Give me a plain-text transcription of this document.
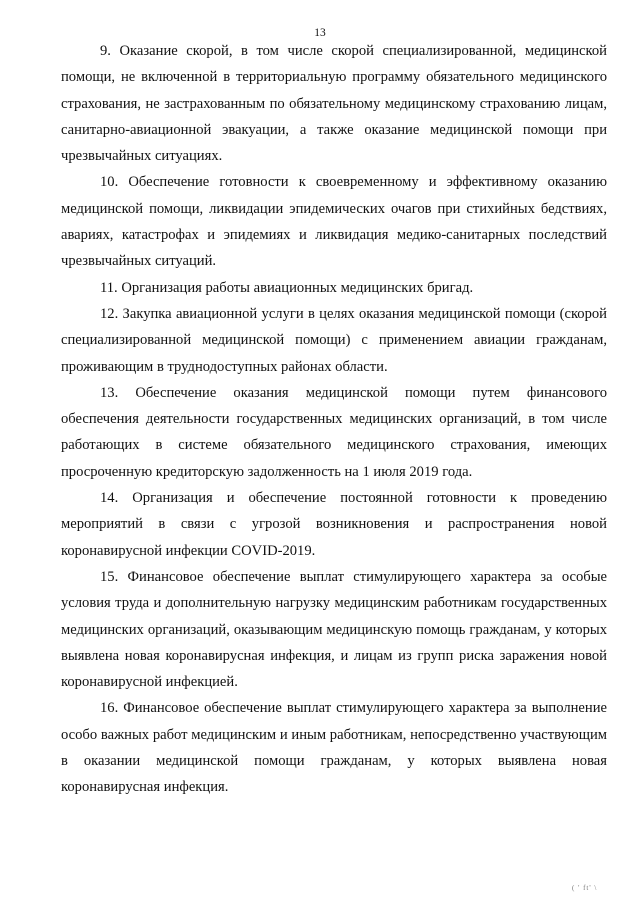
13

9. Оказание скорой, в том числе скорой специализированной, медицинской помощи, не включенной в территориальную программу обязательного медицинского страхования, не застрахованным по обязательному медицинскому страхованию лицам, санитарно-авиационной эвакуации, а также оказание медицинской помощи при чрезвычайных ситуациях.

10. Обеспечение готовности к своевременному и эффективному оказанию медицинской помощи, ликвидации эпидемических очагов при стихийных бедствиях, авариях, катастрофах и эпидемиях и ликвидация медико-санитарных последствий чрезвычайных ситуаций.

11. Организация работы авиационных медицинских бригад.

12. Закупка авиационной услуги в целях оказания медицинской помощи (скорой специализированной медицинской помощи) с применением авиации гражданам, проживающим в труднодоступных районах области.

13. Обеспечение оказания медицинской помощи путем финансового обеспечения деятельности государственных медицинских организаций, в том числе работающих в системе обязательного медицинского страхования, имеющих просроченную кредиторскую задолженность на 1 июля 2019 года.

14. Организация и обеспечение постоянной готовности к проведению мероприятий в связи с угрозой возникновения и распространения новой коронавирусной инфекции COVID-2019.

15. Финансовое обеспечение выплат стимулирующего характера за особые условия труда и дополнительную нагрузку медицинским работникам государственных медицинских организаций, оказывающим медицинскую помощь гражданам, у которых выявлена новая коронавирусная инфекция, и лицам из групп риска заражения новой коронавирусной инфекцией.

16. Финансовое обеспечение выплат стимулирующего характера за выполнение особо важных работ медицинским и иным работникам, непосредственно участвующим в оказании медицинской помощи гражданам, у которых выявлена новая коронавирусная инфекция.

( ' ft' \
